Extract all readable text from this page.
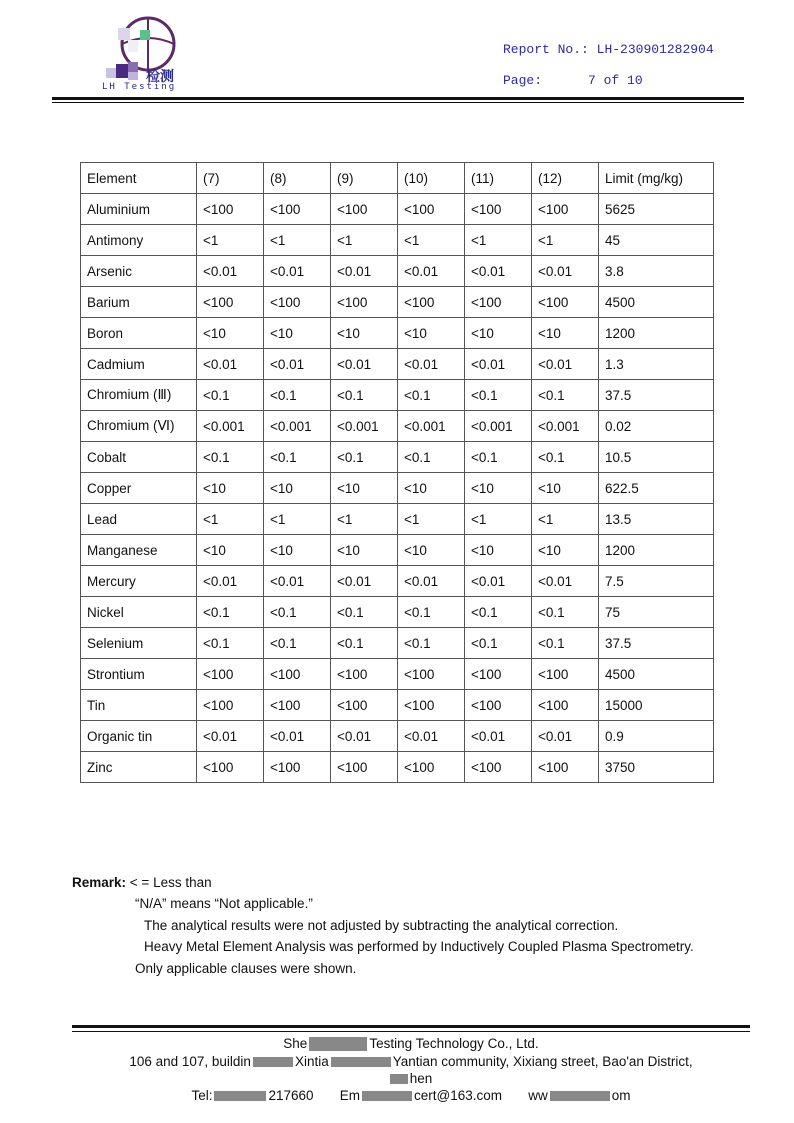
检测
LH Testing
Report No.: LH-230901282904
Page:	7 of 10
Element	(7)	(8)	(9)	(10)	(11)	(12)	Limit (mg/kg)
Aluminium	<100	<100	<100	<100	<100	<100	5625
Antimony	<1	<1	<1	<1	<1	<1	45
Arsenic	<0.01	<0.01	<0.01	<0.01	<0.01	<0.01	3.8
Barium	<100	<100	<100	<100	<100	<100	4500
Boron	<10	<10	<10	<10	<10	<10	1200
Cadmium	<0.01	<0.01	<0.01	<0.01	<0.01	<0.01	1.3
Chromium (Ⅲ)	<0.1	<0.1	<0.1	<0.1	<0.1	<0.1	37.5
Chromium (Ⅵ)	<0.001	<0.001	<0.001	<0.001	<0.001	<0.001	0.02
Cobalt	<0.1	<0.1	<0.1	<0.1	<0.1	<0.1	10.5
Copper	<10	<10	<10	<10	<10	<10	622.5
Lead	<1	<1	<1	<1	<1	<1	13.5
Manganese	<10	<10	<10	<10	<10	<10	1200
Mercury	<0.01	<0.01	<0.01	<0.01	<0.01	<0.01	7.5
Nickel	<0.1	<0.1	<0.1	<0.1	<0.1	<0.1	75
Selenium	<0.1	<0.1	<0.1	<0.1	<0.1	<0.1	37.5
Strontium	<100	<100	<100	<100	<100	<100	4500
Tin	<100	<100	<100	<100	<100	<100	15000
Organic tin	<0.01	<0.01	<0.01	<0.01	<0.01	<0.01	0.9
Zinc	<100	<100	<100	<100	<100	<100	3750
Remark: < = Less than
“N/A” means “Not applicable.”
The analytical results were not adjusted by subtracting the analytical correction.
Heavy Metal Element Analysis was performed by Inductively Coupled Plasma Spectrometry.
Only applicable clauses were shown.
She	Testing Technology Co., Ltd.
106 and 107, buildin	Xintia	Yantian community, Xixiang street, Bao'an District,
hen
Tel:	217660 Em	cert@163.com ww	om
